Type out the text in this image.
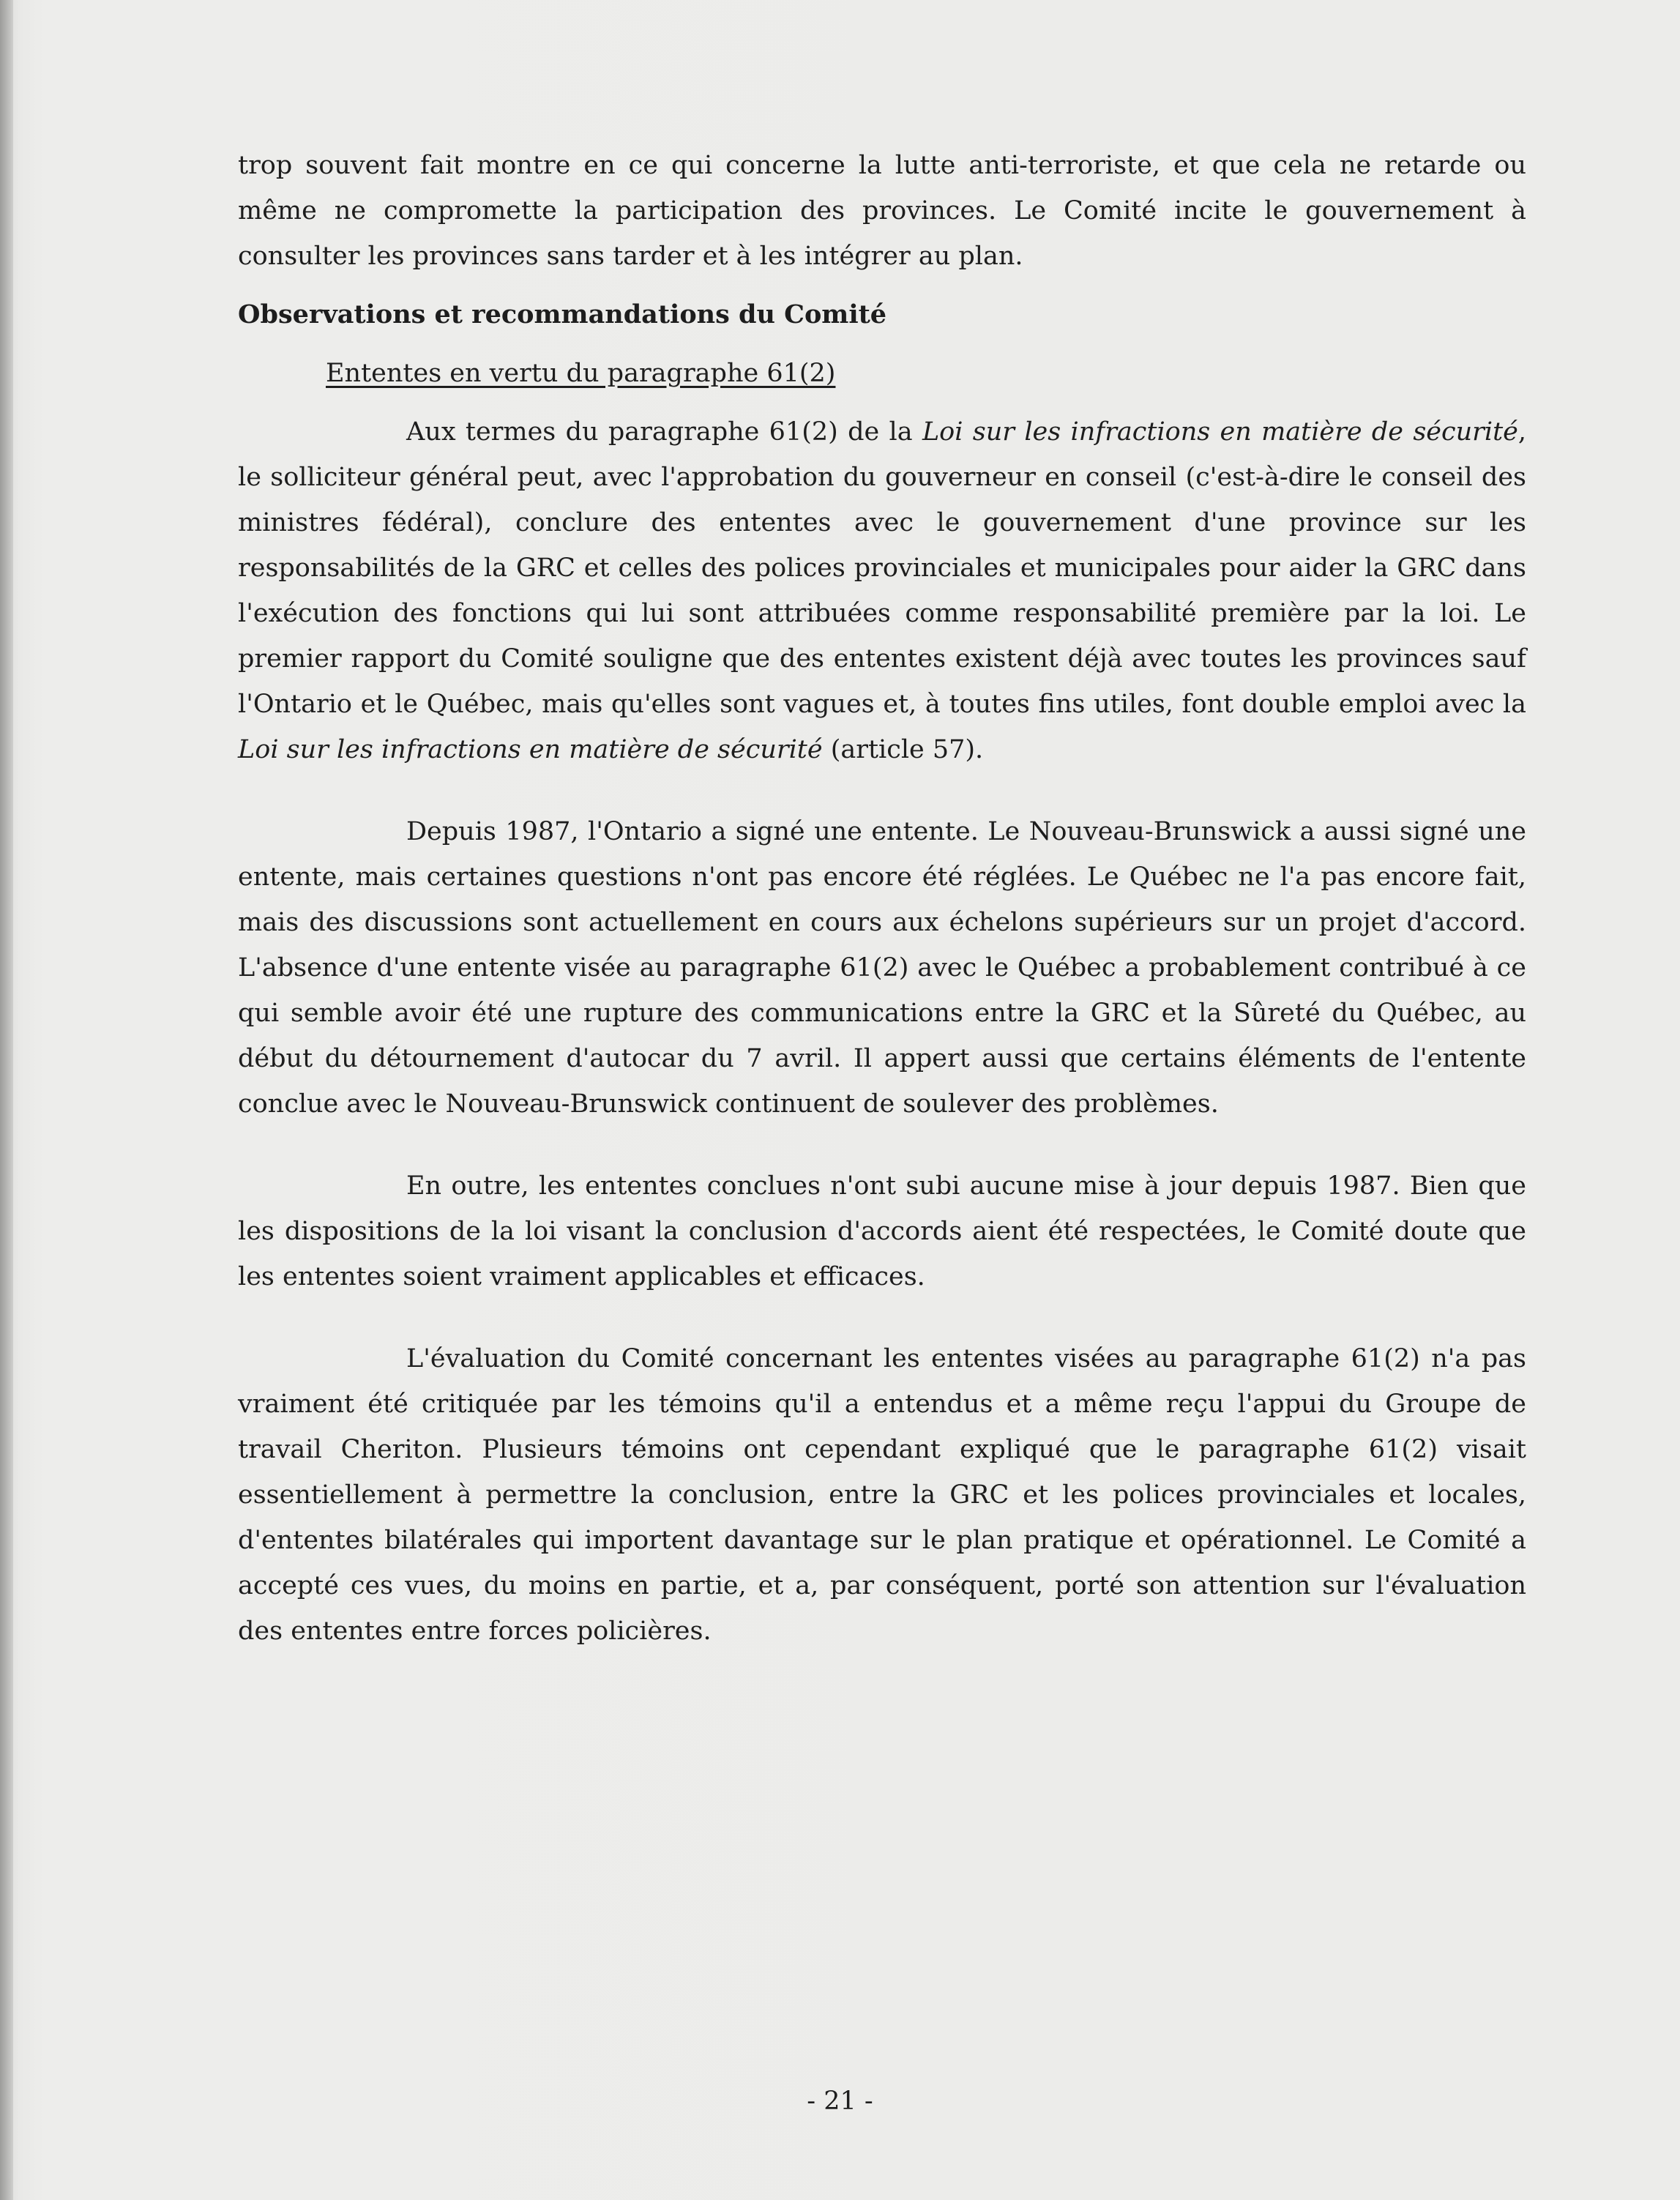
trop souvent fait montre en ce qui concerne la lutte anti-terroriste, et que cela ne retarde ou même ne compromette la participation des provinces. Le Comité incite le gouvernement à consulter les provinces sans tarder et à les intégrer au plan.

Observations et recommandations du Comité

Ententes en vertu du paragraphe 61(2)

Aux termes du paragraphe 61(2) de la Loi sur les infractions en matière de sécurité, le solliciteur général peut, avec l'approbation du gouverneur en conseil (c'est-à-dire le conseil des ministres fédéral), conclure des ententes avec le gouvernement d'une province sur les responsabilités de la GRC et celles des polices provinciales et municipales pour aider la GRC dans l'exécution des fonctions qui lui sont attribuées comme responsabilité première par la loi. Le premier rapport du Comité souligne que des ententes existent déjà avec toutes les provinces sauf l'Ontario et le Québec, mais qu'elles sont vagues et, à toutes fins utiles, font double emploi avec la Loi sur les infractions en matière de sécurité (article 57).

Depuis 1987, l'Ontario a signé une entente. Le Nouveau-Brunswick a aussi signé une entente, mais certaines questions n'ont pas encore été réglées. Le Québec ne l'a pas encore fait, mais des discussions sont actuellement en cours aux échelons supérieurs sur un projet d'accord. L'absence d'une entente visée au paragraphe 61(2) avec le Québec a probablement contribué à ce qui semble avoir été une rupture des communications entre la GRC et la Sûreté du Québec, au début du détournement d'autocar du 7 avril. Il appert aussi que certains éléments de l'entente conclue avec le Nouveau-Brunswick continuent de soulever des problèmes.

En outre, les ententes conclues n'ont subi aucune mise à jour depuis 1987. Bien que les dispositions de la loi visant la conclusion d'accords aient été respectées, le Comité doute que les ententes soient vraiment applicables et efficaces.

L'évaluation du Comité concernant les ententes visées au paragraphe 61(2) n'a pas vraiment été critiquée par les témoins qu'il a entendus et a même reçu l'appui du Groupe de travail Cheriton. Plusieurs témoins ont cependant expliqué que le paragraphe 61(2) visait essentiellement à permettre la conclusion, entre la GRC et les polices provinciales et locales, d'ententes bilatérales qui importent davantage sur le plan pratique et opérationnel. Le Comité a accepté ces vues, du moins en partie, et a, par conséquent, porté son attention sur l'évaluation des ententes entre forces policières.

- 21 -
